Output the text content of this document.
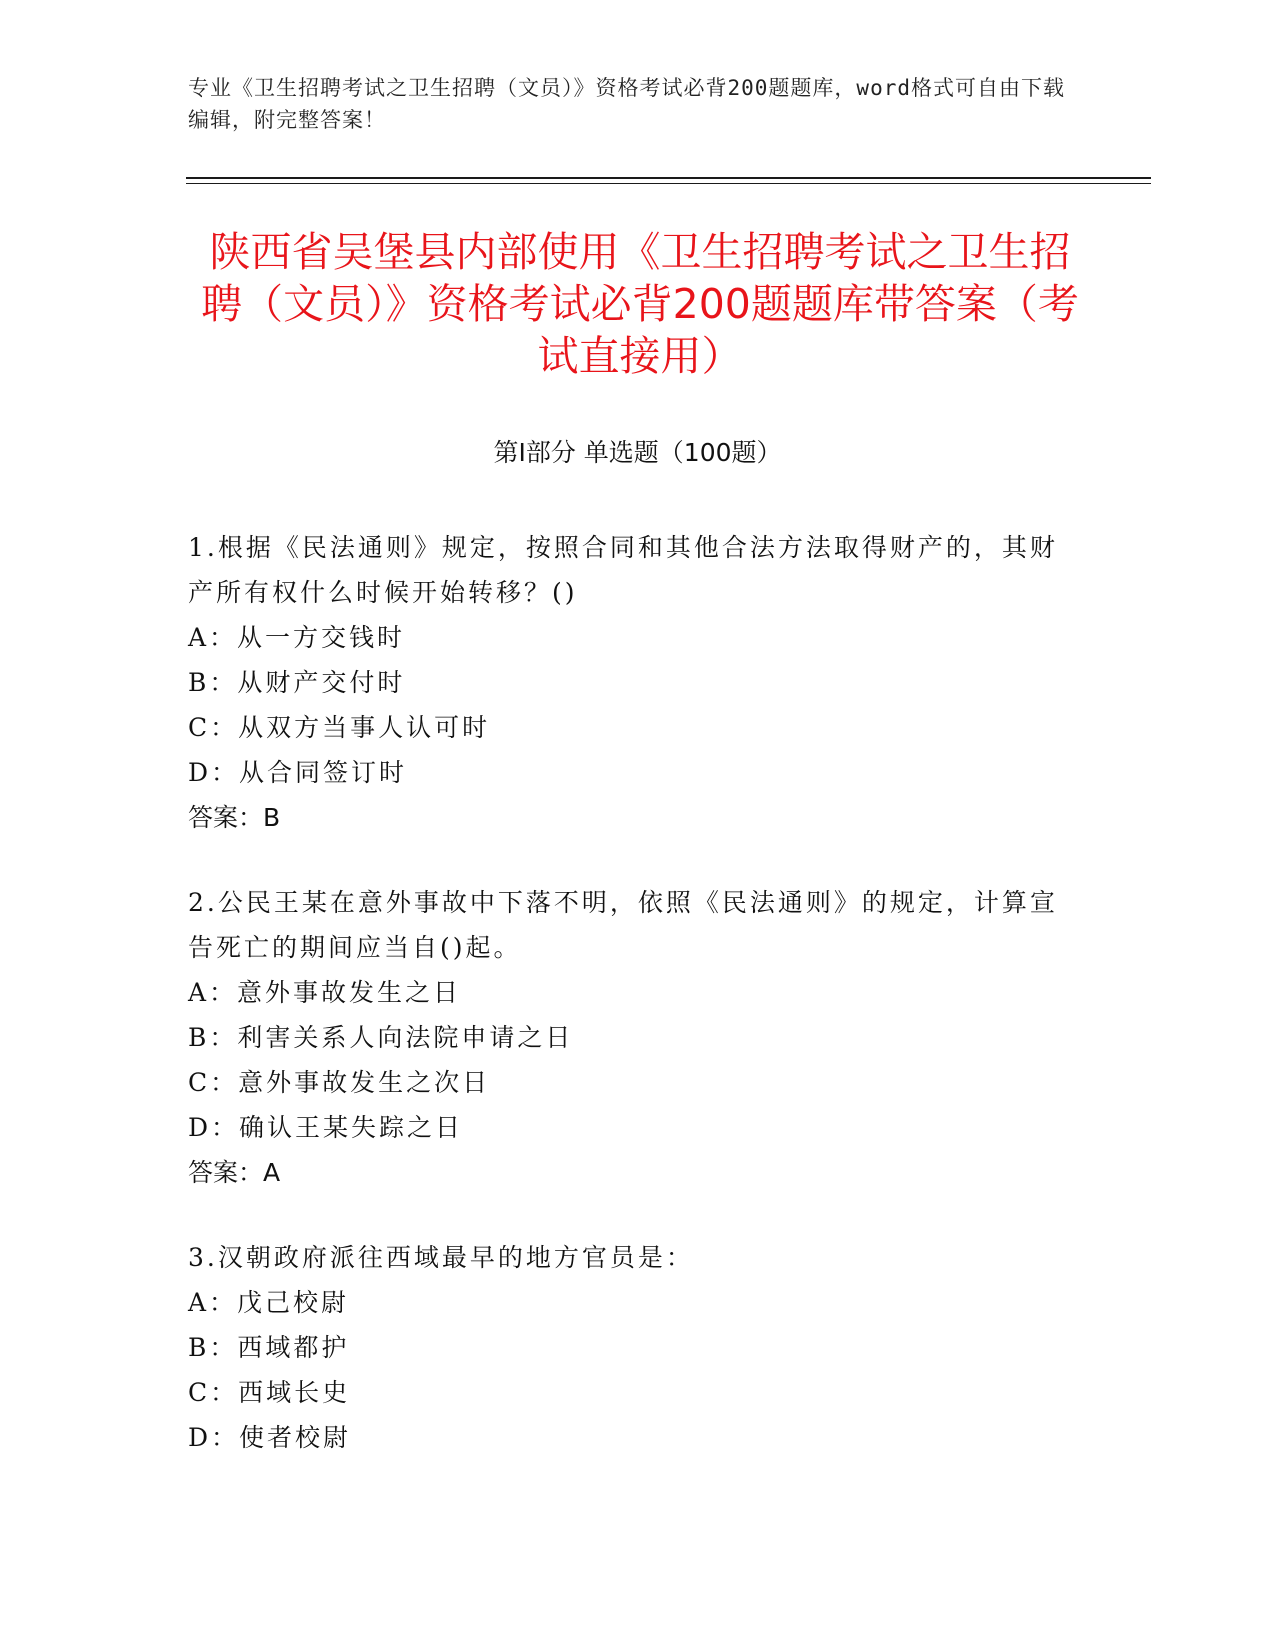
专业《卫生招聘考试之卫生招聘（文员）》资格考试必背200题题库，word格式可自由下载编辑，附完整答案！
陕西省吴堡县内部使用《卫生招聘考试之卫生招聘（文员）》资格考试必背200题题库带答案（考试直接用）
第Ⅰ部分 单选题（100题）

1.根据《民法通则》规定，按照合同和其他合法方法取得财产的，其财产所有权什么时候开始转移？()

A：从一方交钱时

B：从财产交付时

C：从双方当事人认可时

D：从合同签订时

答案：B

2.公民王某在意外事故中下落不明，依照《民法通则》的规定，计算宣告死亡的期间应当自()起。

A：意外事故发生之日

B：利害关系人向法院申请之日

C：意外事故发生之次日

D：确认王某失踪之日

答案：A

3.汉朝政府派往西域最早的地方官员是：

A：戊己校尉

B：西域都护

C：西域长史

D：使者校尉
